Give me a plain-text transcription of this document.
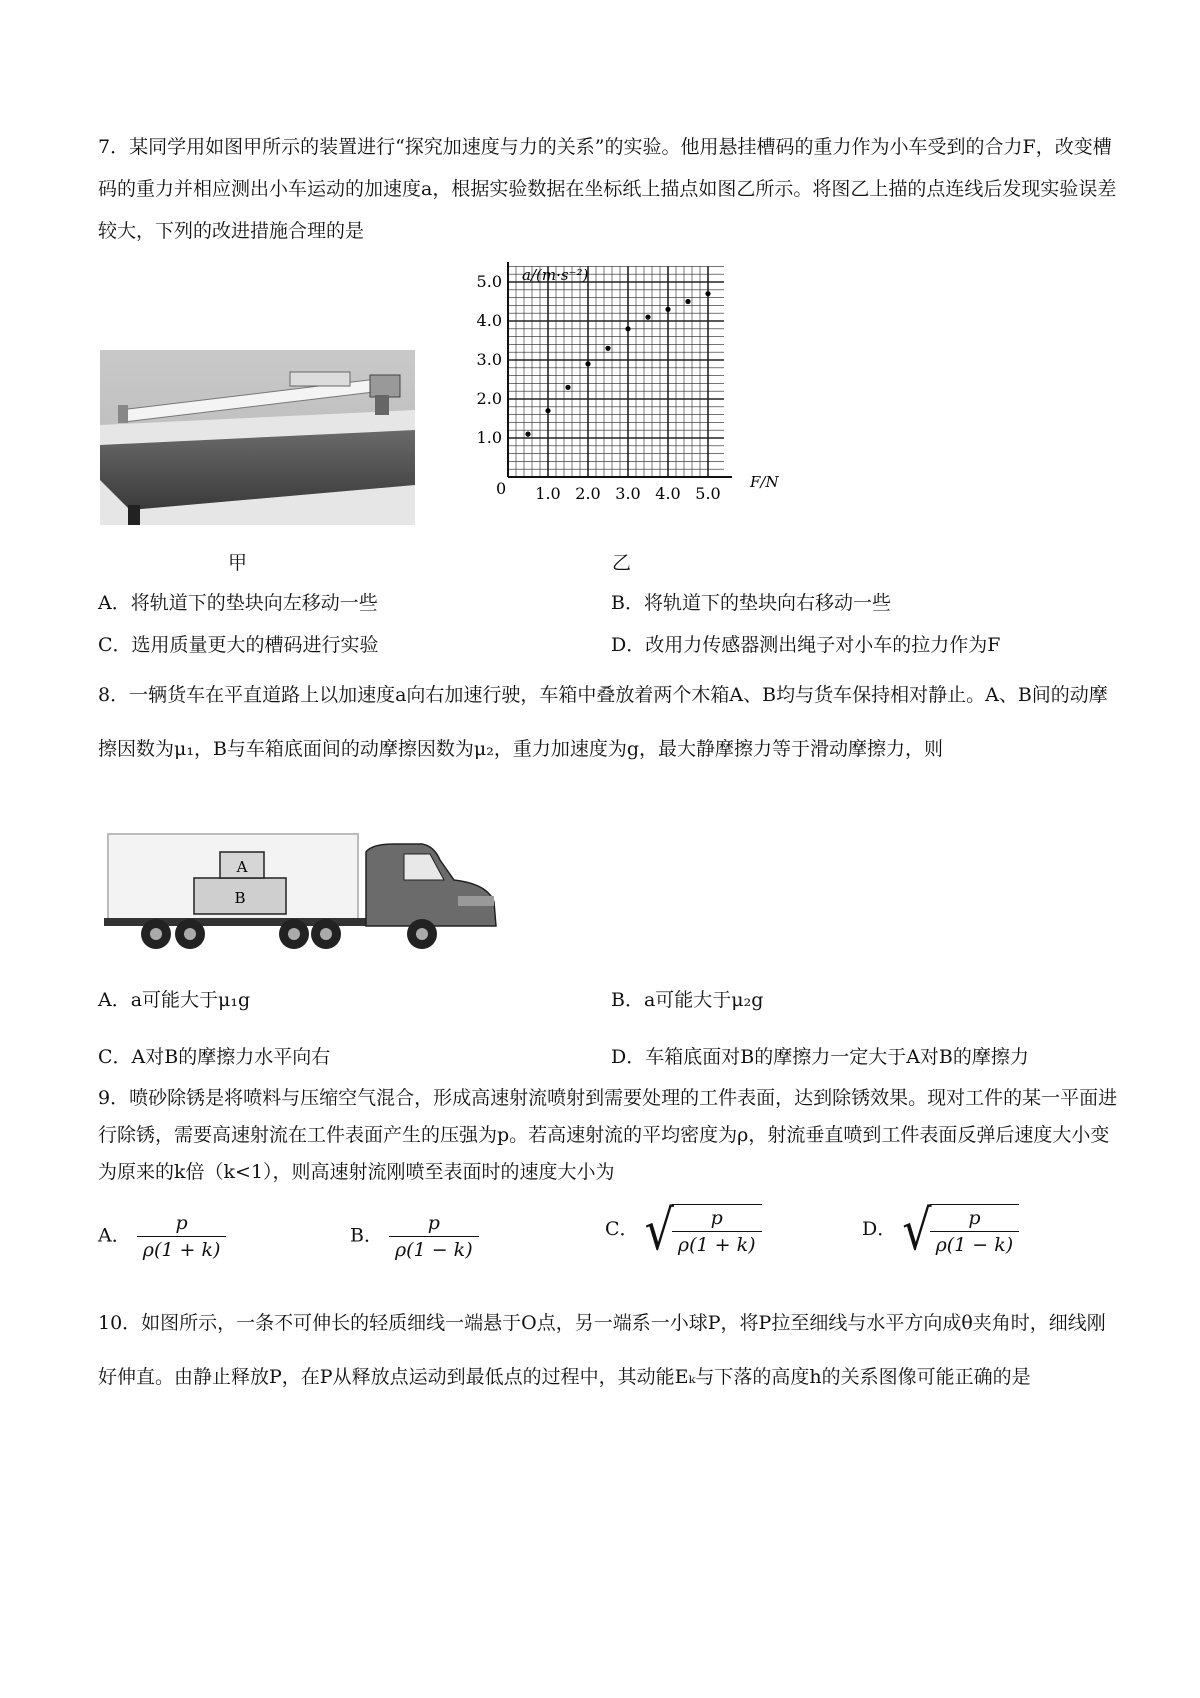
7．某同学用如图甲所示的装置进行“探究加速度与力的关系”的实验。他用悬挂槽码的重力作为小车受到的合力F，改变槽码的重力并相应测出小车运动的加速度a，根据实验数据在坐标纸上描点如图乙所示。将图乙上描的点连线后发现实验误差较大，下列的改进措施合理的是

甲
1.0 2.0 3.0 4.0 5.0
1.0
2.0
3.0
4.0
5.0 a/(m·s⁻²)
F/N
0
乙
A．将轨道下的垫块向左移动一些	B．将轨道下的垫块向右移动一些
C．选用质量更大的槽码进行实验	D．改用力传感器测出绳子对小车的拉力作为F

8．一辆货车在平直道路上以加速度a向右加速行驶，车箱中叠放着两个木箱A、B均与货车保持相对静止。A、B间的动摩擦因数为μ₁，B与车箱底面间的动摩擦因数为μ₂，重力加速度为g，最大静摩擦力等于滑动摩擦力，则

A
B
A．a可能大于μ₁g	B．a可能大于μ₂g
C．A对B的摩擦力水平向右	D．车箱底面对B的摩擦力一定大于A对B的摩擦力

9．喷砂除锈是将喷料与压缩空气混合，形成高速射流喷射到需要处理的工件表面，达到除锈效果。现对工件的某一平面进行除锈，需要高速射流在工件表面产生的压强为p。若高速射流的平均密度为ρ，射流垂直喷到工件表面反弹后速度大小变为原来的k倍（k<1），则高速射流刚喷至表面时的速度大小为

A． $\frac{p}{\rho(1 + k)}$	B． $\frac{p}{\rho(1 - k)}$	C． √
$\frac{p}{\rho(1 + k)}$	D． √
$\frac{p}{\rho(1 - k)}$

10．如图所示，一条不可伸长的轻质细线一端悬于O点，另一端系一小球P，将P拉至细线与水平方向成θ夹角时，细线刚好伸直。由静止释放P，在P从释放点运动到最低点的过程中，其动能Eₖ与下落的高度h的关系图像可能正确的是
